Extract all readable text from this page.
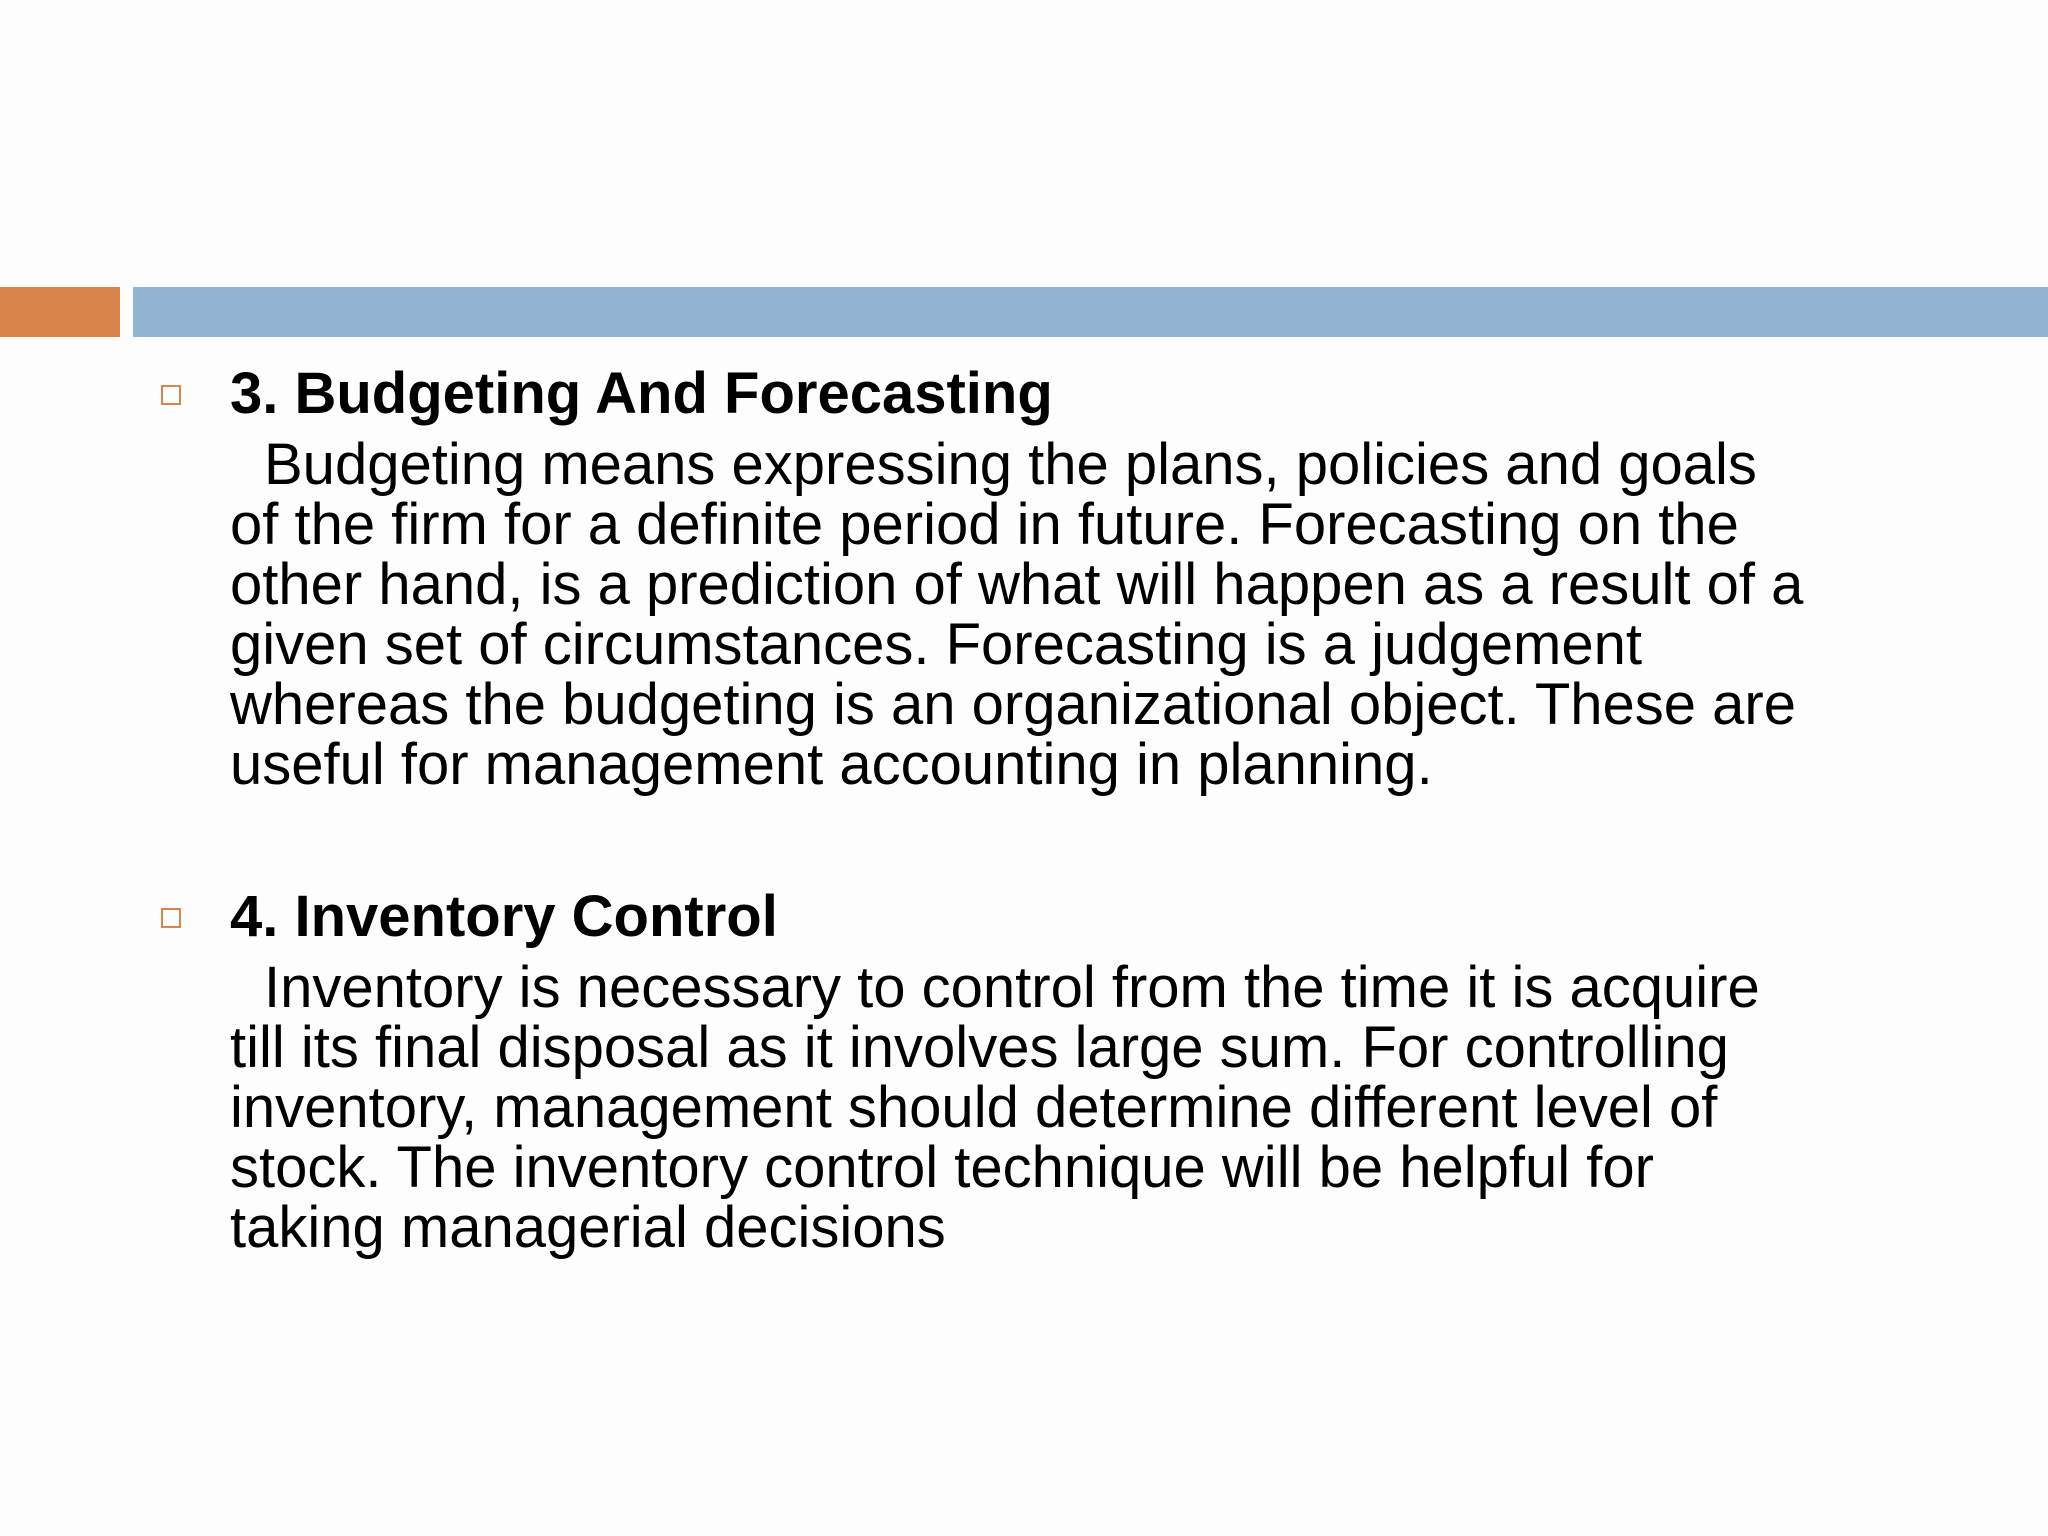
3. Budgeting And Forecasting
Budgeting means expressing the plans, policies and goals
of the firm for a definite period in future. Forecasting on the
other hand, is a prediction of what will happen as a result of a
given set of circumstances. Forecasting is a judgement
whereas the budgeting is an organizational object. These are
useful for management accounting in planning.
4. Inventory Control
Inventory is necessary to control from the time it is acquire
till its final disposal as it involves large sum. For controlling
inventory, management should determine different level of
stock. The inventory control technique will be helpful for
taking managerial decisions
